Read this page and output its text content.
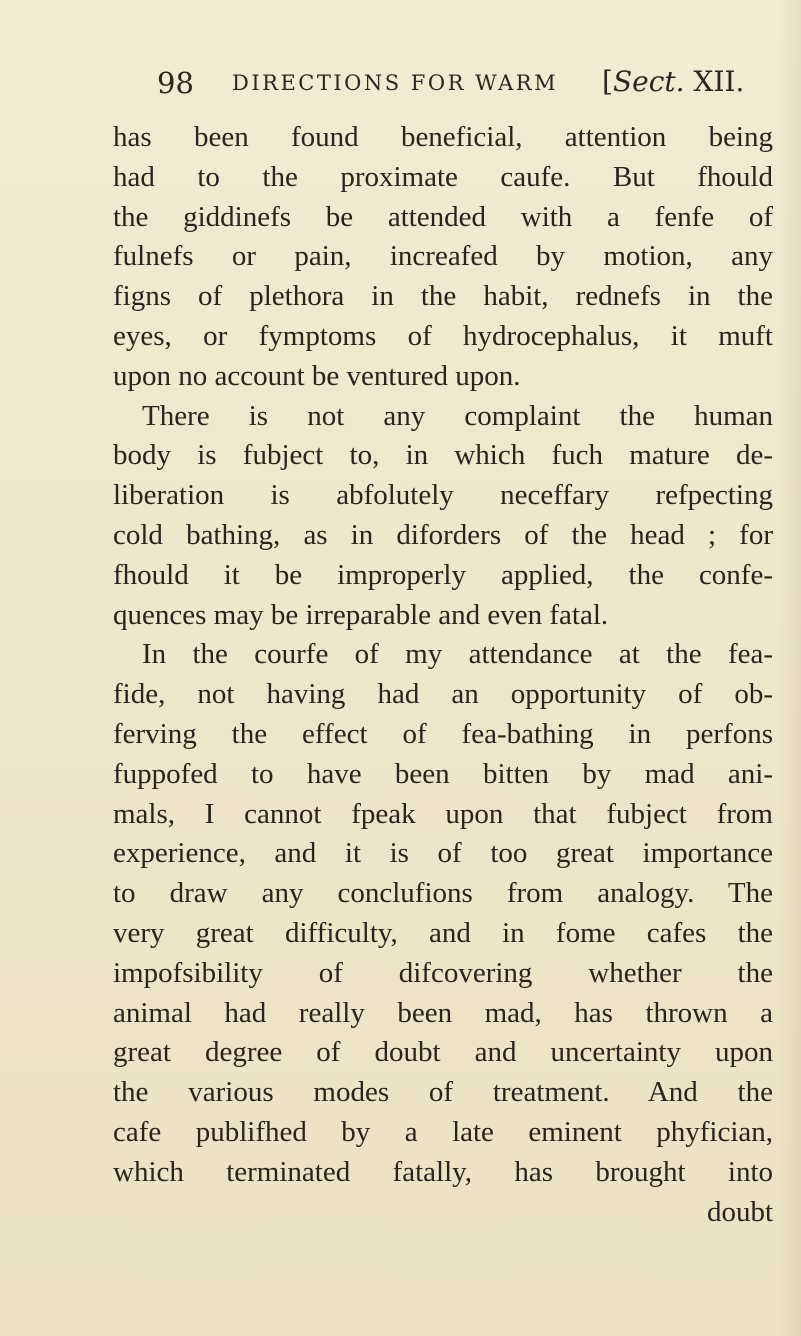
98 DIRECTIONS FOR WARM [Sect. XII.
has been found beneficial, attention being
had to the proximate caufe. But fhould
the giddinefs be attended with a fenfe of
fulnefs or pain, increafed by motion, any
figns of plethora in the habit, rednefs in the
eyes, or fymptoms of hydrocephalus, it muft
upon no account be ventured upon.
There is not any complaint the human
body is fubject to, in which fuch mature de-
liberation is abfolutely neceffary refpecting
cold bathing, as in diforders of the head ; for
fhould it be improperly applied, the confe-
quences may be irreparable and even fatal.
In the courfe of my attendance at the fea-
fide, not having had an opportunity of ob-
ferving the effect of fea-bathing in perfons
fuppofed to have been bitten by mad ani-
mals, I cannot fpeak upon that fubject from
experience, and it is of too great importance
to draw any conclufions from analogy. The
very great difficulty, and in fome cafes the
impofsibility of difcovering whether the
animal had really been mad, has thrown a
great degree of doubt and uncertainty upon
the various modes of treatment. And the
cafe publifhed by a late eminent phyfician,
which terminated fatally, has brought into
doubt
